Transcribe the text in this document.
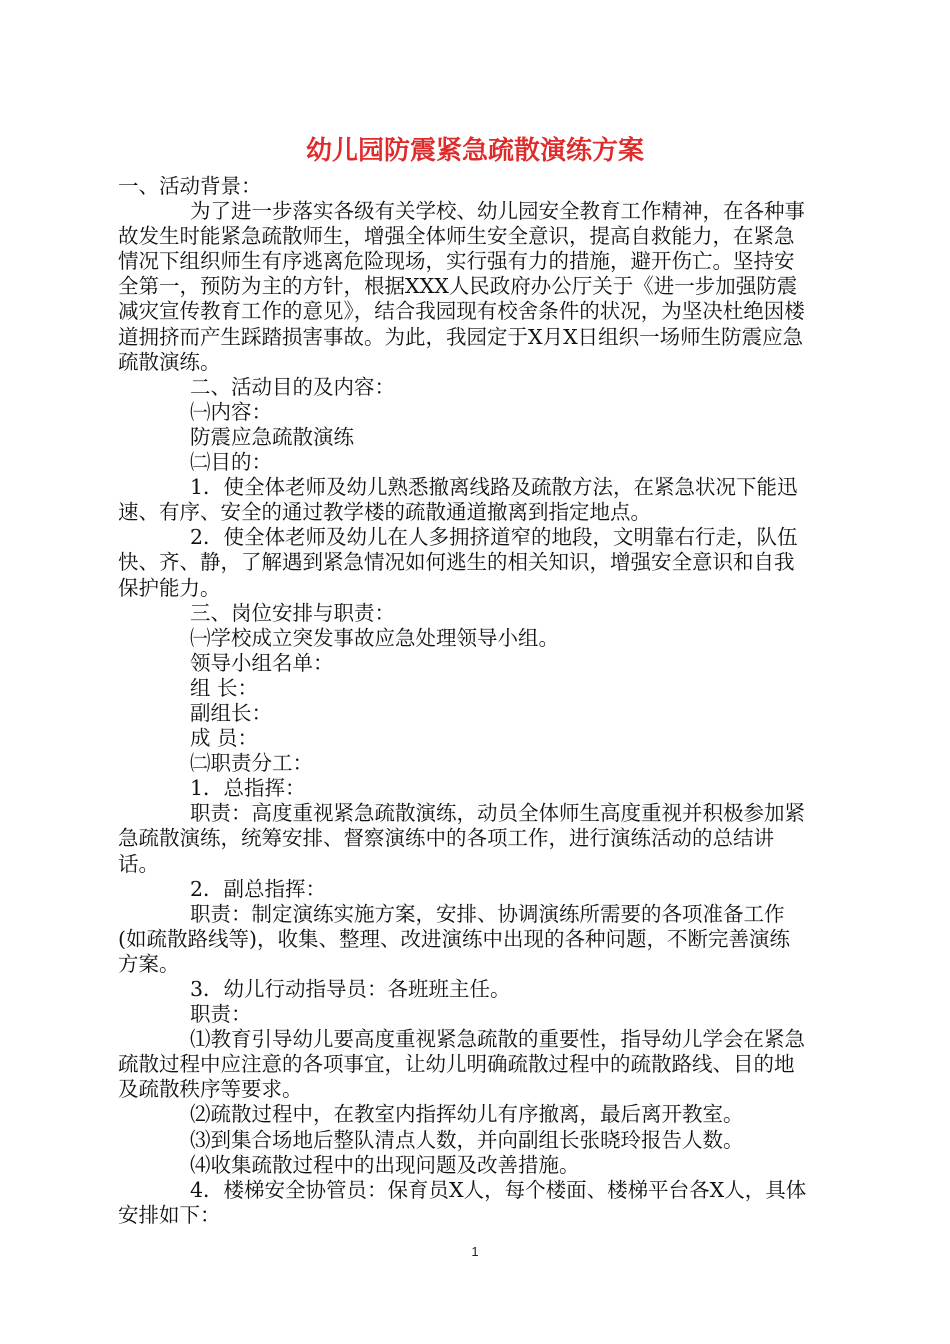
幼儿园防震紧急疏散演练方案

一、活动背景：

为了进一步落实各级有关学校、幼儿园安全教育工作精神，在各种事故发生时能紧急疏散师生，增强全体师生安全意识，提高自救能力，在紧急情况下组织师生有序逃离危险现场，实行强有力的措施，避开伤亡。坚持安全第一，预防为主的方针，根据XXX人民政府办公厅关于《进一步加强防震减灾宣传教育工作的意见》，结合我园现有校舍条件的状况，为坚决杜绝因楼道拥挤而产生踩踏损害事故。为此，我园定于X月X日组织一场师生防震应急疏散演练。

二、活动目的及内容：

㈠内容：

防震应急疏散演练

㈡目的：

1．使全体老师及幼儿熟悉撤离线路及疏散方法，在紧急状况下能迅速、有序、安全的通过教学楼的疏散通道撤离到指定地点。

2．使全体老师及幼儿在人多拥挤道窄的地段，文明靠右行走，队伍快、齐、静，了解遇到紧急情况如何逃生的相关知识，增强安全意识和自我保护能力。

三、岗位安排与职责：

㈠学校成立突发事故应急处理领导小组。

领导小组名单：

组 长：

副组长：

成 员：

㈡职责分工：

1．总指挥：

职责：高度重视紧急疏散演练，动员全体师生高度重视并积极参加紧急疏散演练，统筹安排、督察演练中的各项工作，进行演练活动的总结讲话。

2．副总指挥：

职责：制定演练实施方案，安排、协调演练所需要的各项准备工作(如疏散路线等)，收集、整理、改进演练中出现的各种问题，不断完善演练方案。

3．幼儿行动指导员：各班班主任。

职责：

⑴教育引导幼儿要高度重视紧急疏散的重要性，指导幼儿学会在紧急疏散过程中应注意的各项事宜，让幼儿明确疏散过程中的疏散路线、目的地及疏散秩序等要求。

⑵疏散过程中，在教室内指挥幼儿有序撤离，最后离开教室。

⑶到集合场地后整队清点人数，并向副组长张晓玲报告人数。

⑷收集疏散过程中的出现问题及改善措施。

4．楼梯安全协管员：保育员X人，每个楼面、楼梯平台各X人，具体安排如下：

1
